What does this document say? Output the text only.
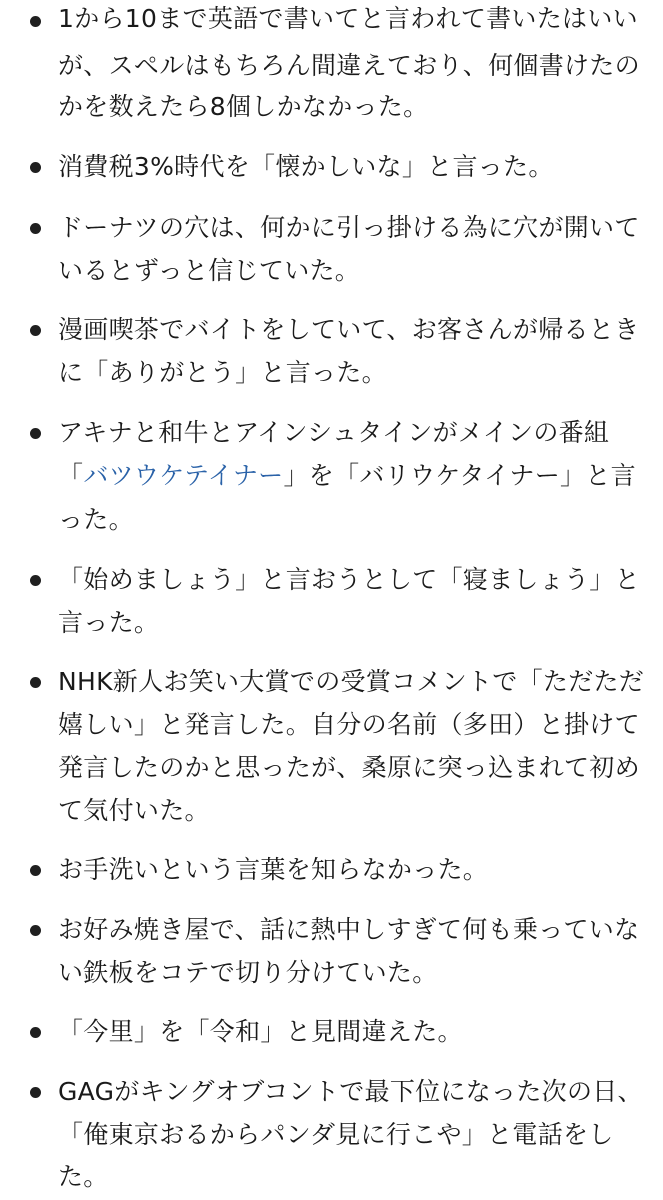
1から10まで英語で書いてと言われて書いたはいい
が、スペルはもちろん間違えており、何個書けたの
かを数えたら8個しかなかった。
消費税3%時代を「懐かしいな」と言った。
ドーナツの穴は、何かに引っ掛ける為に穴が開いて
いるとずっと信じていた。
漫画喫茶でバイトをしていて、お客さんが帰るとき
に「ありがとう」と言った。
アキナと和牛とアインシュタインがメインの番組
「バツウケテイナー」を「バリウケタイナー」と言
った。
「始めましょう」と言おうとして「寝ましょう」と
言った。
NHK新人お笑い大賞での受賞コメントで「ただただ
嬉しい」と発言した。自分の名前（多田）と掛けて
発言したのかと思ったが、桑原に突っ込まれて初め
て気付いた。
お手洗いという言葉を知らなかった。
お好み焼き屋で、話に熱中しすぎて何も乗っていな
い鉄板をコテで切り分けていた。
「今里」を「令和」と見間違えた。
GAGがキングオブコントで最下位になった次の日、
「俺東京おるからパンダ見に行こや」と電話をし
た。
